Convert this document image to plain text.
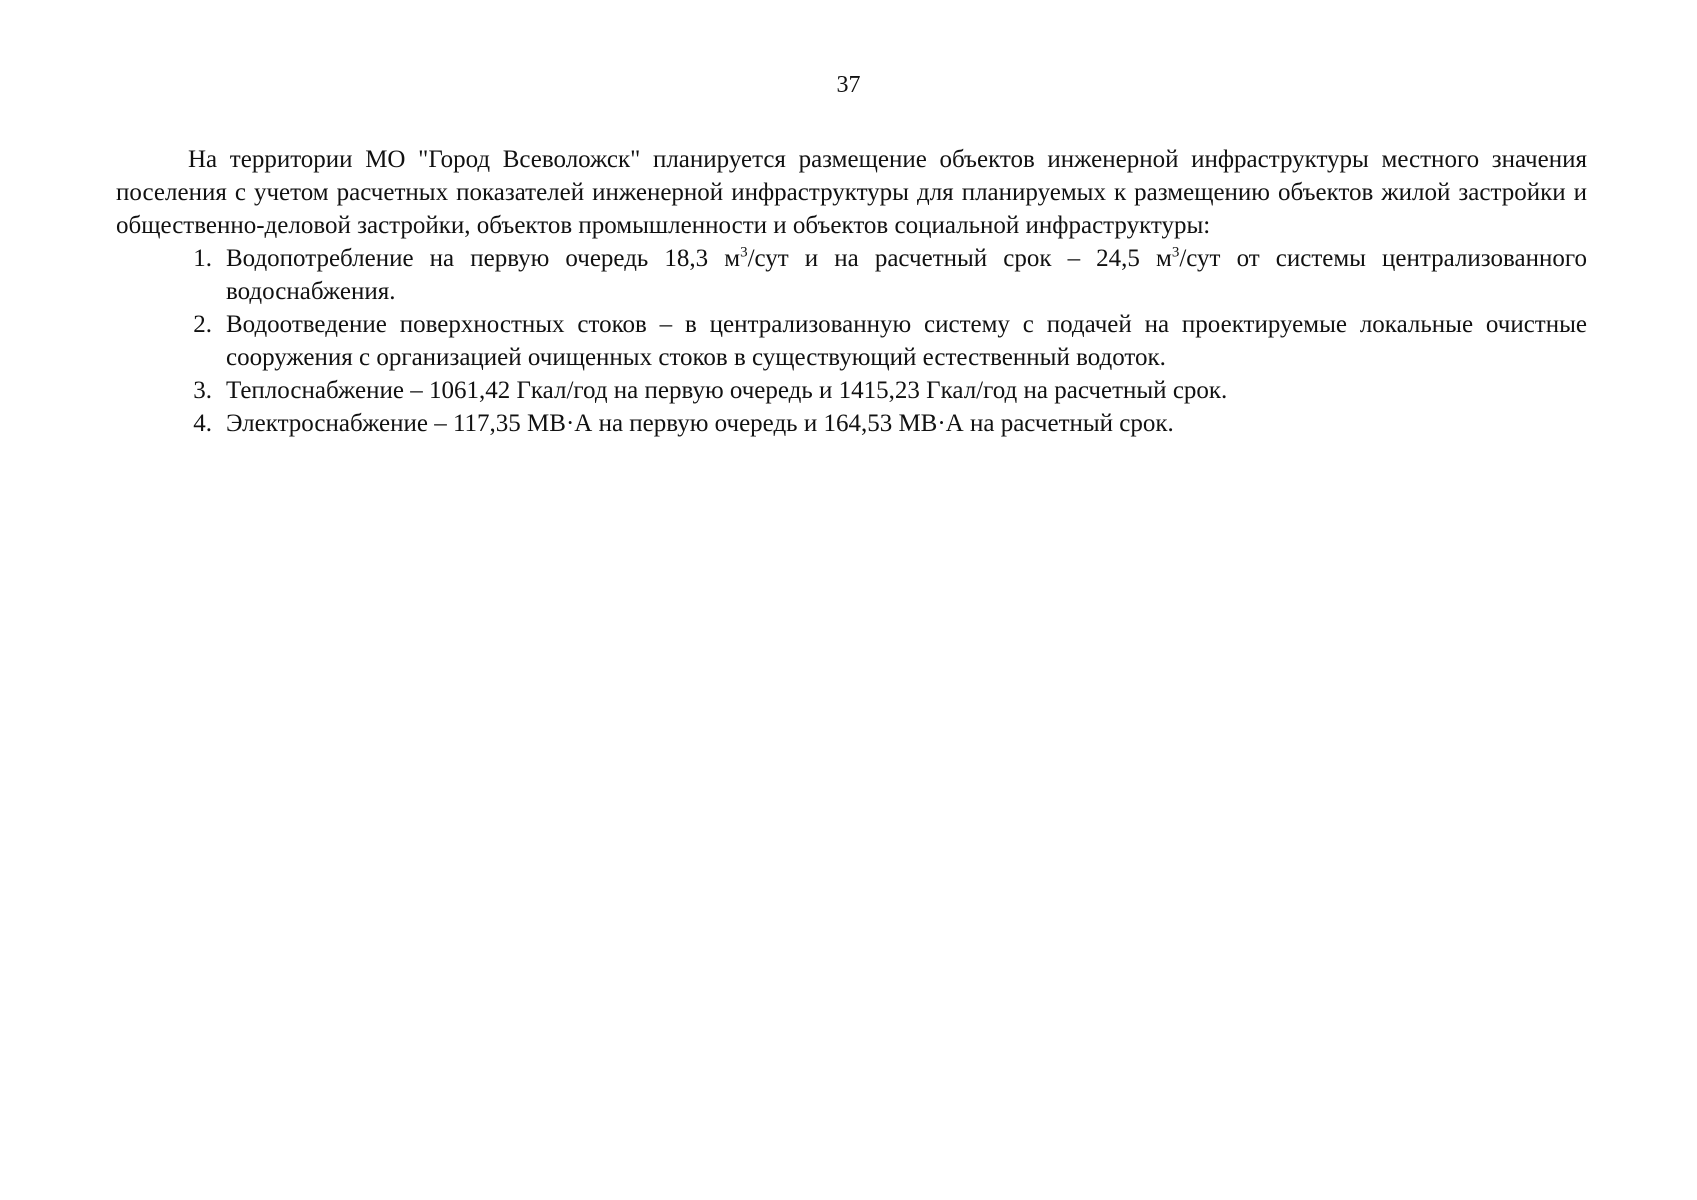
37

На территории МО "Город Всеволожск" планируется размещение объектов инженерной инфраструктуры местного значения поселения с учетом расчетных показателей инженерной инфраструктуры для планируемых к размещению объектов жилой застройки и общественно-деловой застройки, объектов промышленности и объектов социальной инфраструктуры:

1. Водопотребление на первую очередь 18,3 $м^3$/сут и на расчетный срок – 24,5 $м^3$/сут от системы централизованного водоснабжения.
2. Водоотведение поверхностных стоков – в централизованную систему с подачей на проектируемые локальные очистные сооружения с организацией очищенных стоков в существующий естественный водоток.
3. Теплоснабжение – 1061,42 Гкал/год на первую очередь и 1415,23 Гкал/год на расчетный срок.
4. Электроснабжение – 117,35 МВ·А на первую очередь и 164,53 МВ·А на расчетный срок.
